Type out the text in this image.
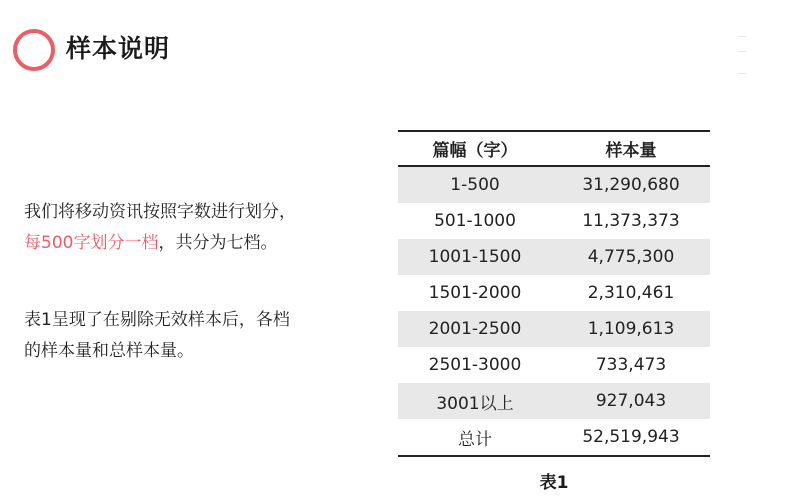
样本说明
我们将移动资讯按照字数进行划分，
每500字划分一档，共分为七档。
表1呈现了在剔除无效样本后，各档
的样本量和总样本量。
篇幅（字）	样本量
1-500	31,290,680
501-1000	11,373,373
1001-1500	4,775,300
1501-2000	2,310,461
2001-2500	1,109,613
2501-3000	733,473
3001以上	927,043
总计	52,519,943
表1
